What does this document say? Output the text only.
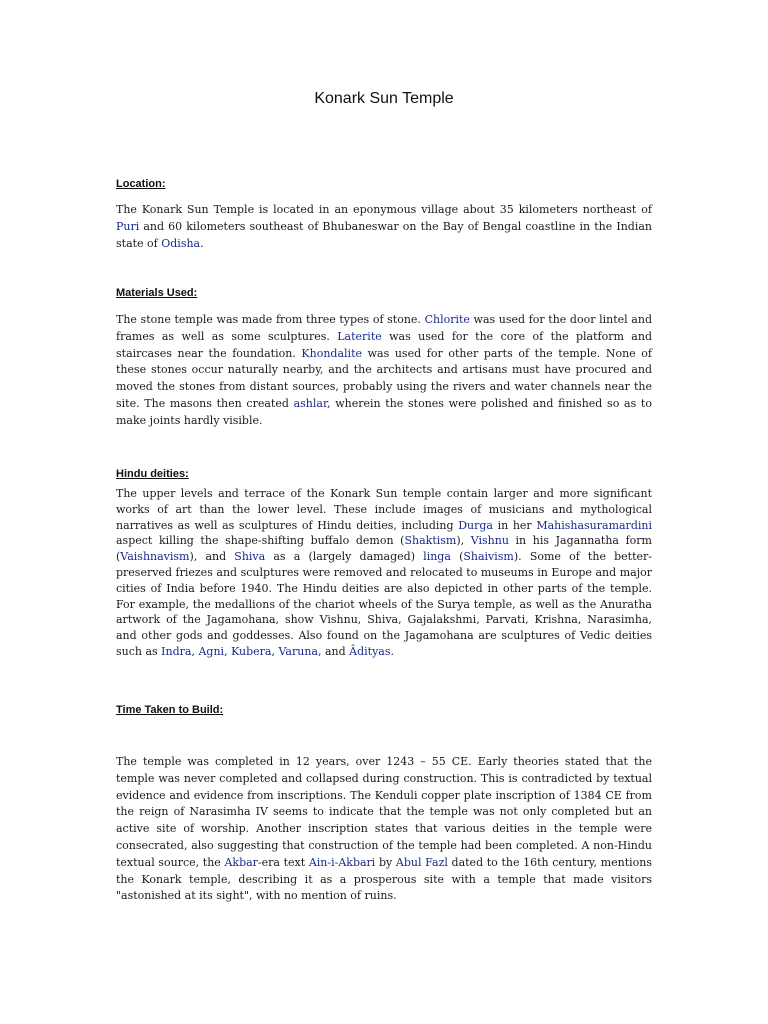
Konark Sun Temple
Location:

The Konark Sun Temple is located in an eponymous village about 35 kilometers northeast of Puri and 60 kilometers southeast of Bhubaneswar on the Bay of Bengal coastline in the Indian state of Odisha.

Materials Used:

The stone temple was made from three types of stone. Chlorite was used for the door lintel and frames as well as some sculptures. Laterite was used for the core of the platform and staircases near the foundation. Khondalite was used for other parts of the temple. None of these stones occur naturally nearby, and the architects and artisans must have procured and moved the stones from distant sources, probably using the rivers and water channels near the site. The masons then created ashlar, wherein the stones were polished and finished so as to make joints hardly visible.

Hindu deities:

The upper levels and terrace of the Konark Sun temple contain larger and more significant works of art than the lower level. These include images of musicians and mythological narratives as well as sculptures of Hindu deities, including Durga in her Mahishasuramardini aspect killing the shape-shifting buffalo demon (Shaktism), Vishnu in his Jagannatha form (Vaishnavism), and Shiva as a (largely damaged) linga (Shaivism). Some of the better-preserved friezes and sculptures were removed and relocated to museums in Europe and major cities of India before 1940. The Hindu deities are also depicted in other parts of the temple. For example, the medallions of the chariot wheels of the Surya temple, as well as the Anuratha artwork of the Jagamohana, show Vishnu, Shiva, Gajalakshmi, Parvati, Krishna, Narasimha, and other gods and goddesses. Also found on the Jagamohana are sculptures of Vedic deities such as Indra, Agni, Kubera, Varuna, and Âdityas.

Time Taken to Build:

The temple was completed in 12 years, over 1243 – 55 CE. Early theories stated that the temple was never completed and collapsed during construction. This is contradicted by textual evidence and evidence from inscriptions. The Kenduli copper plate inscription of 1384 CE from the reign of Narasimha IV seems to indicate that the temple was not only completed but an active site of worship. Another inscription states that various deities in the temple were consecrated, also suggesting that construction of the temple had been completed. A non-Hindu textual source, the Akbar-era text Ain-i-Akbari by Abul Fazl dated to the 16th century, mentions the Konark temple, describing it as a prosperous site with a temple that made visitors "astonished at its sight", with no mention of ruins.
